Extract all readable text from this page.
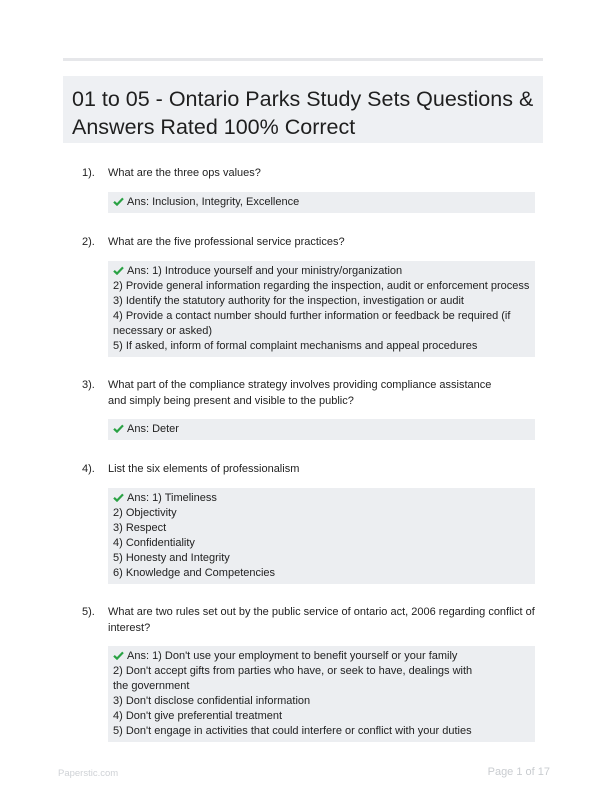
01 to 05 - Ontario Parks Study Sets Questions & Answers Rated 100% Correct
1).	What are the three ops values?
Ans: Inclusion, Integrity, Excellence
2).	What are the five professional service practices?
Ans: 1) Introduce yourself and your ministry/organization
2) Provide general information regarding the inspection, audit or enforcement process
3) Identify the statutory authority for the inspection, investigation or audit
4) Provide a contact number should further information or feedback be required (if
necessary or asked)
5) If asked, inform of formal complaint mechanisms and appeal procedures
3).	What part of the compliance strategy involves providing compliance assistance and simply being present and visible to the public?
Ans: Deter
4).	List the six elements of professionalism
Ans: 1) Timeliness
2) Objectivity
3) Respect
4) Confidentiality
5) Honesty and Integrity
6) Knowledge and Competencies
5).	What are two rules set out by the public service of ontario act, 2006 regarding conflict of interest?
Ans: 1) Don't use your employment to benefit yourself or your family
2) Don't accept gifts from parties who have, or seek to have, dealings with
the government
3) Don't disclose confidential information
4) Don't give preferential treatment
5) Don't engage in activities that could interfere or conflict with your duties
Paperstic.com	Page 1 of 17
